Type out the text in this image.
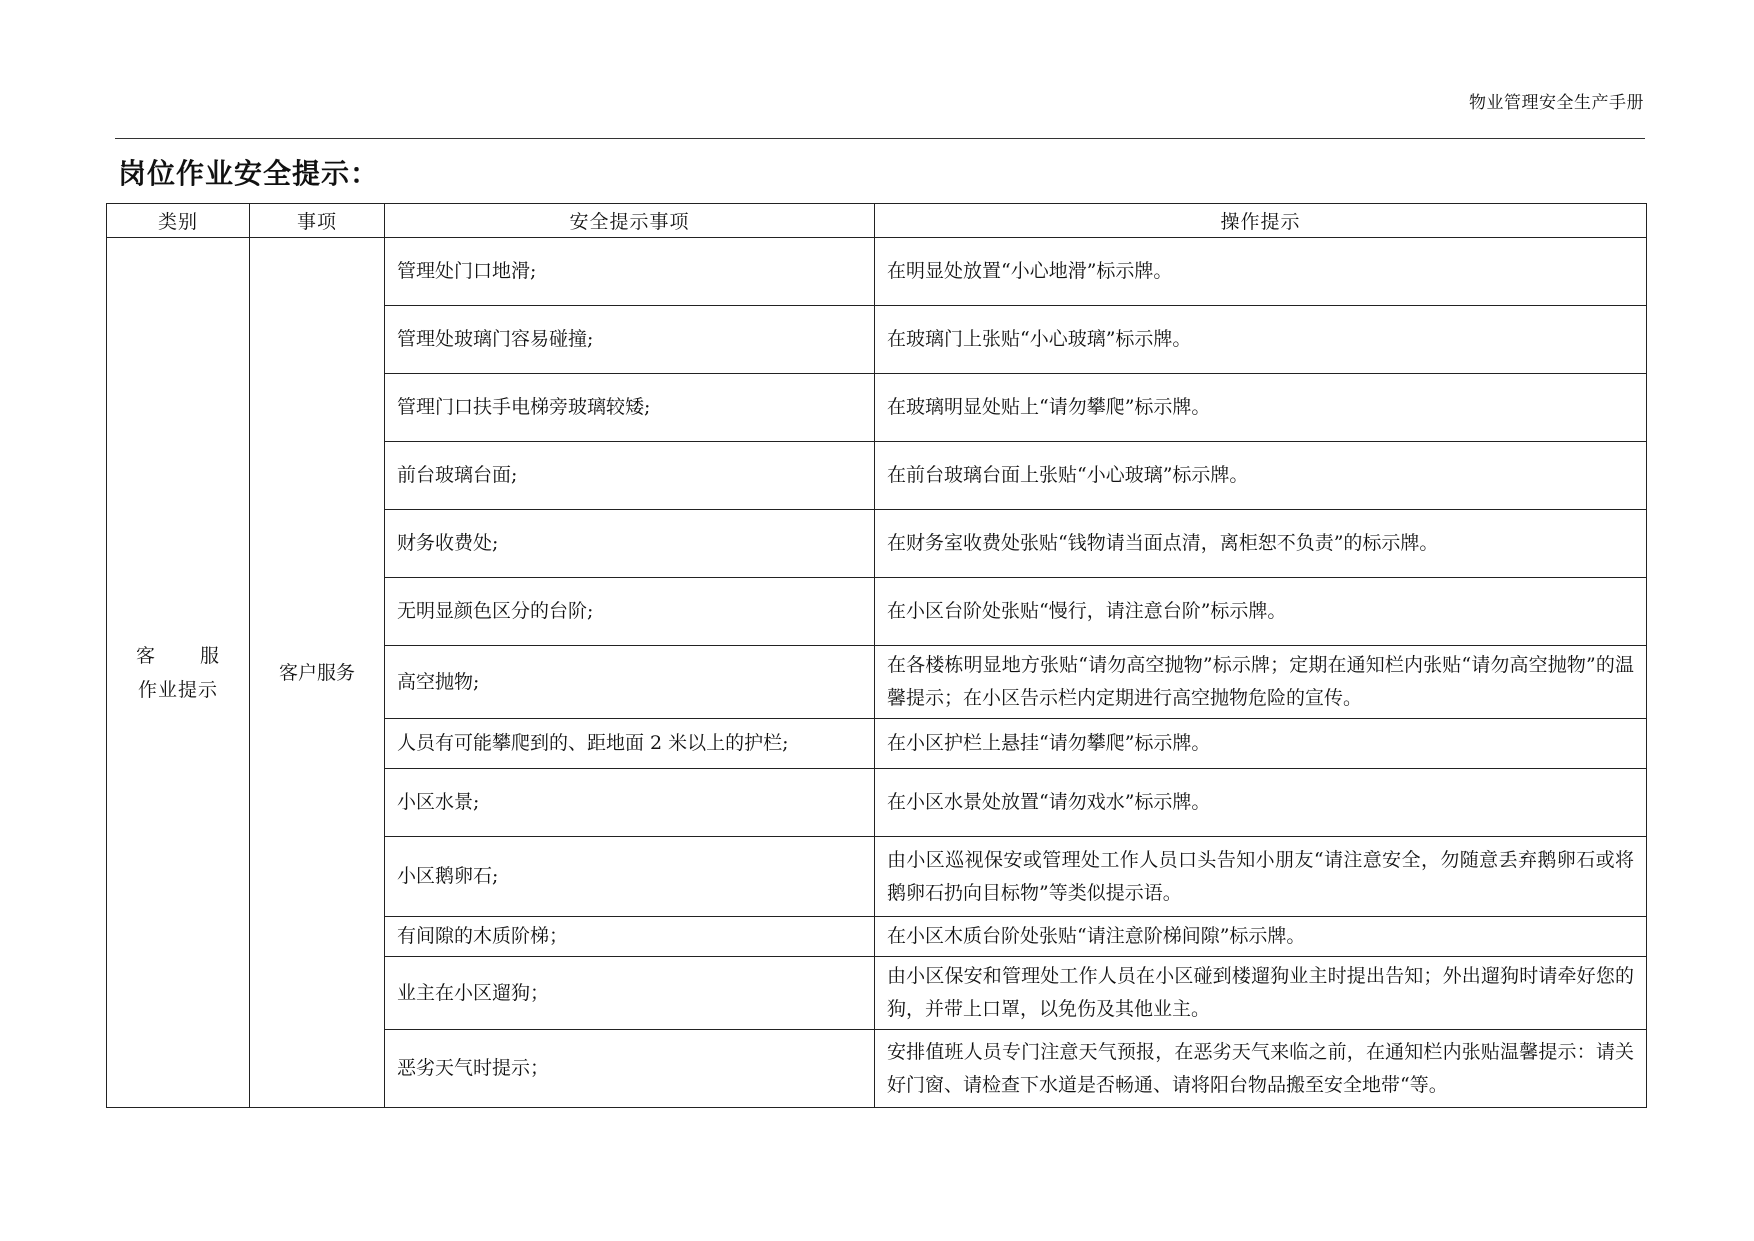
物业管理安全生产手册
岗位作业安全提示：
类别	事项	安全提示事项	操作提示

客 服
作业提示	客户服务	管理处门口地滑;	在明显处放置“小心地滑”标示牌。
		管理处玻璃门容易碰撞;	在玻璃门上张贴“小心玻璃”标示牌。
		管理门口扶手电梯旁玻璃较矮;	在玻璃明显处贴上“请勿攀爬”标示牌。
		前台玻璃台面;	在前台玻璃台面上张贴“小心玻璃”标示牌。
		财务收费处;	在财务室收费处张贴“钱物请当面点清，离柜恕不负责”的标示牌。
		无明显颜色区分的台阶;	在小区台阶处张贴“慢行，请注意台阶”标示牌。
		高空抛物;	在各楼栋明显地方张贴“请勿高空抛物”标示牌；定期在通知栏内张贴“请勿高空抛物”的温馨提示；在小区告示栏内定期进行高空抛物危险的宣传。
		人员有可能攀爬到的、距地面 2 米以上的护栏;	在小区护栏上悬挂“请勿攀爬”标示牌。
		小区水景;	在小区水景处放置“请勿戏水”标示牌。
		小区鹅卵石;	由小区巡视保安或管理处工作人员口头告知小朋友“请注意安全，勿随意丢弃鹅卵石或将鹅卵石扔向目标物”等类似提示语。
		有间隙的木质阶梯；	在小区木质台阶处张贴“请注意阶梯间隙”标示牌。
		业主在小区遛狗；	由小区保安和管理处工作人员在小区碰到楼遛狗业主时提出告知；外出遛狗时请牵好您的狗，并带上口罩，以免伤及其他业主。
		恶劣天气时提示；	安排值班人员专门注意天气预报，在恶劣天气来临之前，在通知栏内张贴温馨提示：请关好门窗、请检查下水道是否畅通、请将阳台物品搬至安全地带“等。
